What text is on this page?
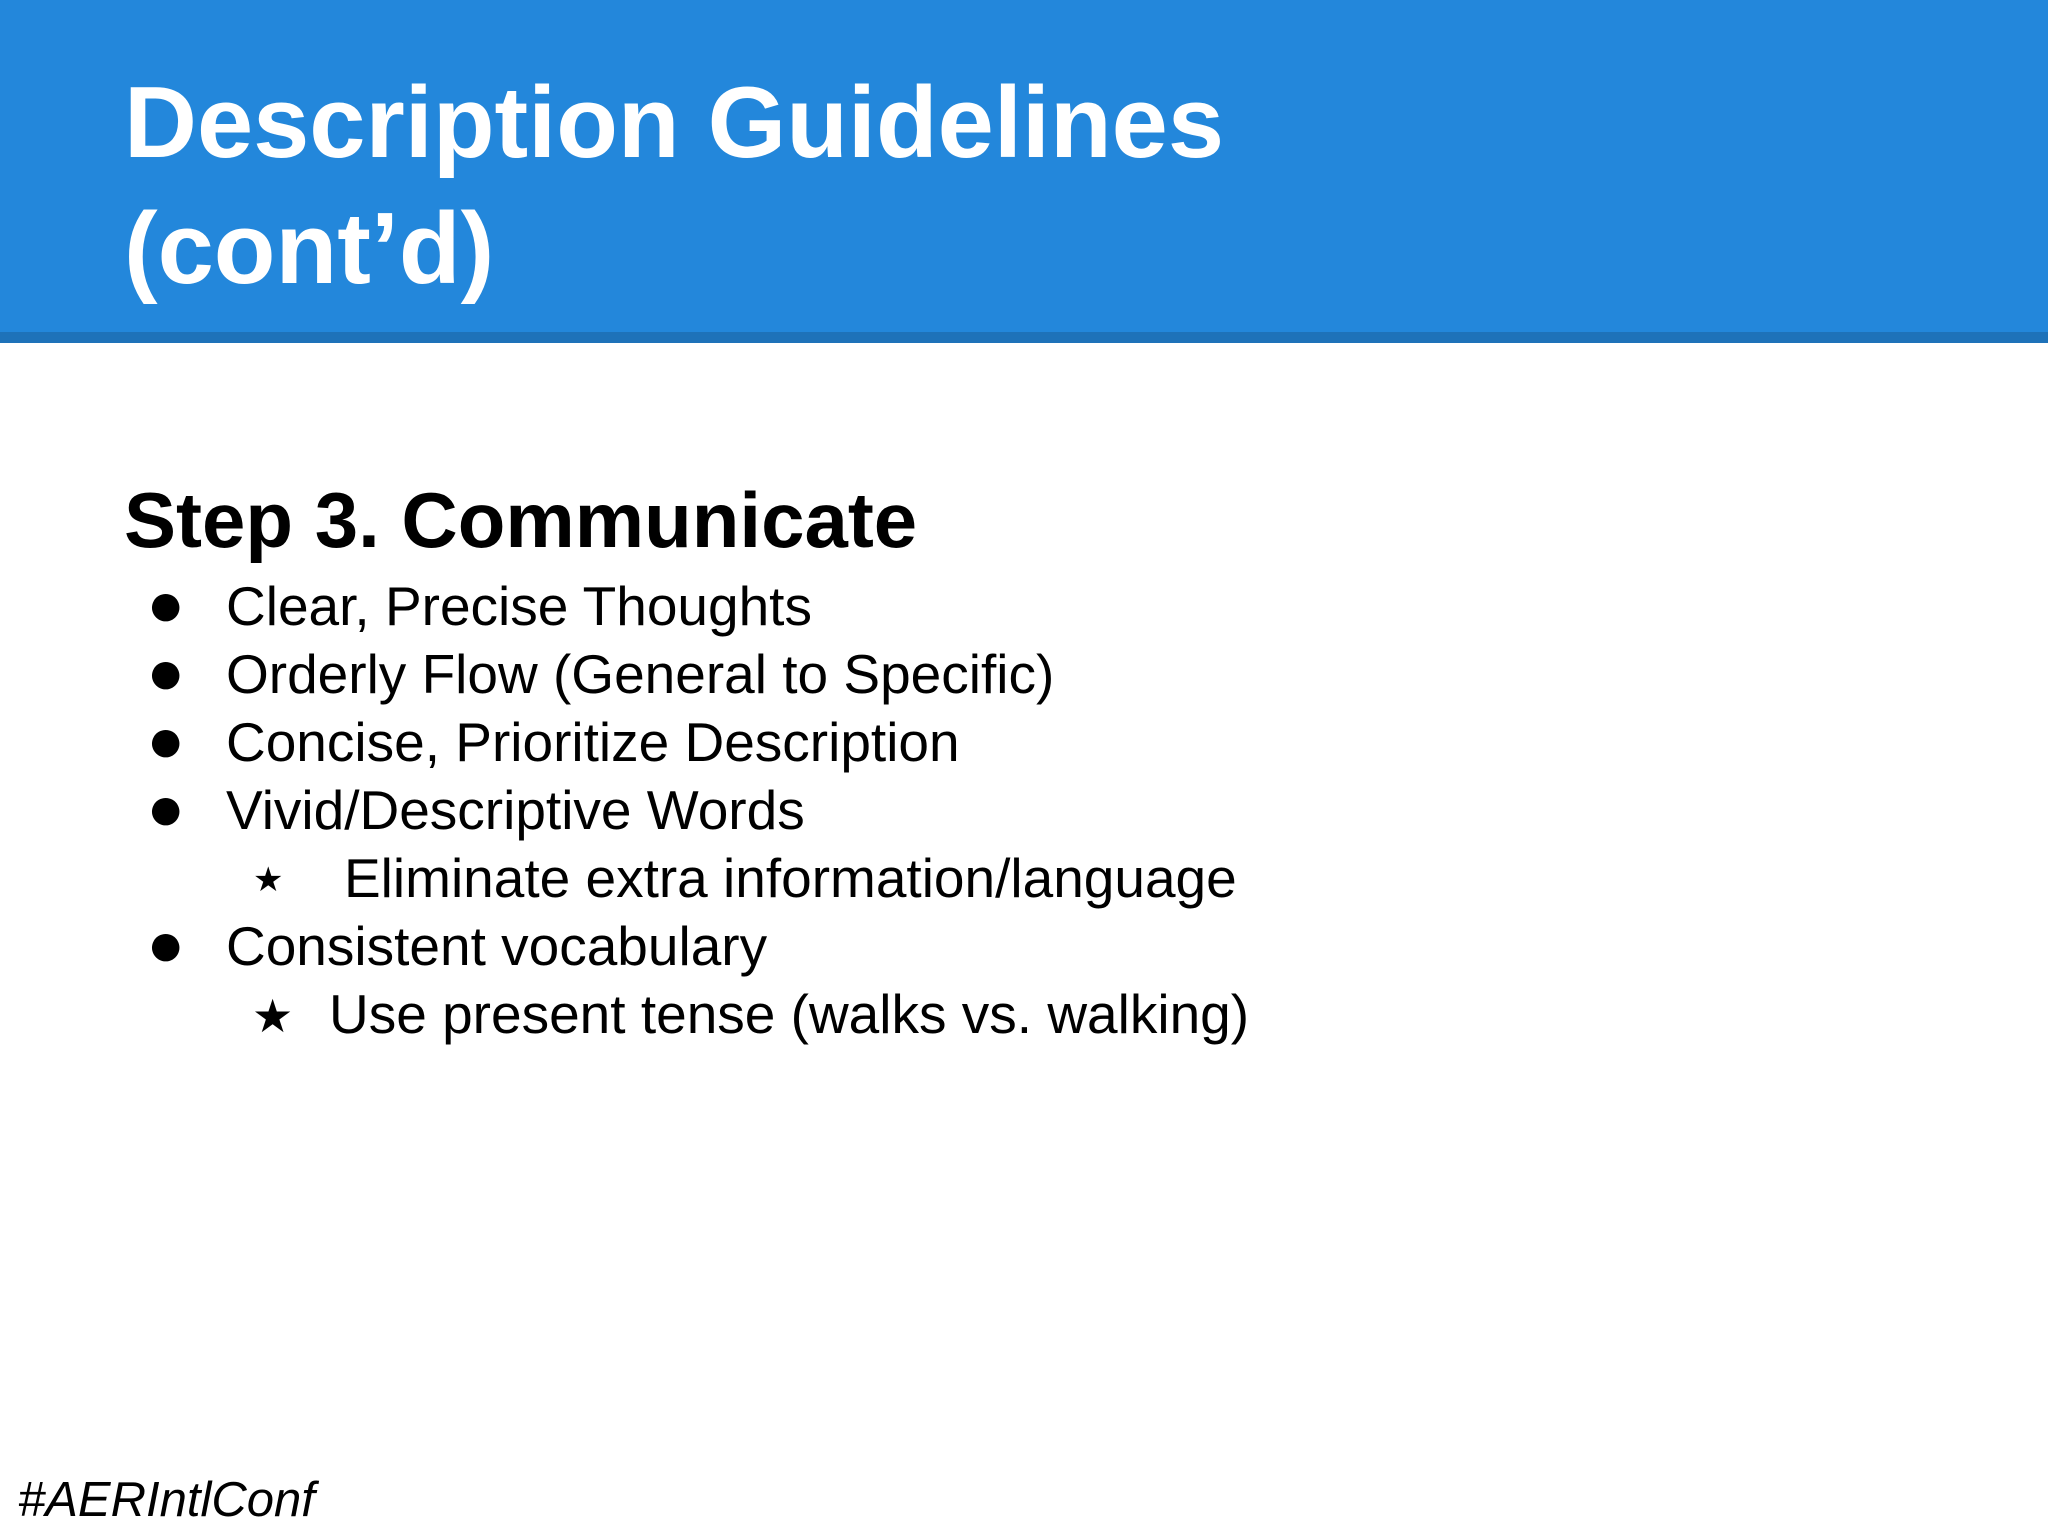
Description Guidelines
(cont’d)
Step 3. Communicate
● Clear, Precise Thoughts
● Orderly Flow (General to Specific)
● Concise, Prioritize Description
● Vivid/Descriptive Words
★ Eliminate extra information/language
● Consistent vocabulary
★ Use present tense (walks vs. walking)
#AERIntlConf
